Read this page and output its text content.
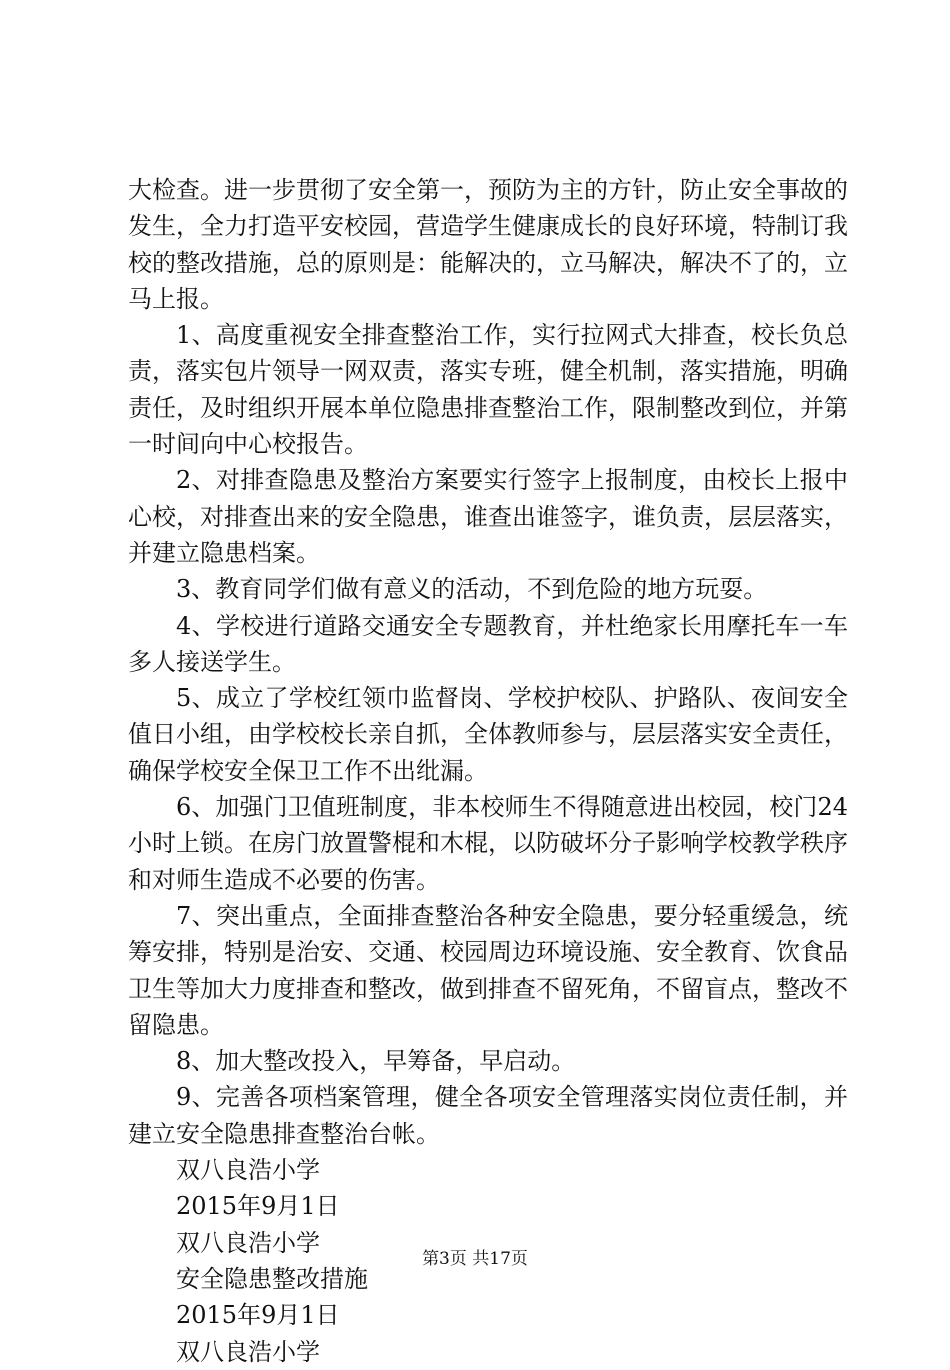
大检查。进一步贯彻了安全第一，预防为主的方针，防止安全事故的发生，全力打造平安校园，营造学生健康成长的良好环境，特制订我校的整改措施，总的原则是：能解决的，立马解决，解决不了的，立马上报。

1、高度重视安全排查整治工作，实行拉网式大排查，校长负总责，落实包片领导一网双责，落实专班，健全机制，落实措施，明确责任，及时组织开展本单位隐患排查整治工作，限制整改到位，并第一时间向中心校报告。

2、对排查隐患及整治方案要实行签字上报制度，由校长上报中心校，对排查出来的安全隐患，谁查出谁签字，谁负责，层层落实，并建立隐患档案。

3、教育同学们做有意义的活动，不到危险的地方玩耍。

4、学校进行道路交通安全专题教育，并杜绝家长用摩托车一车多人接送学生。

5、成立了学校红领巾监督岗、学校护校队、护路队、夜间安全值日小组，由学校校长亲自抓，全体教师参与，层层落实安全责任，确保学校安全保卫工作不出纰漏。

6、加强门卫值班制度，非本校师生不得随意进出校园，校门24小时上锁。在房门放置警棍和木棍，以防破坏分子影响学校教学秩序和对师生造成不必要的伤害。

7、突出重点，全面排查整治各种安全隐患，要分轻重缓急，统筹安排，特别是治安、交通、校园周边环境设施、安全教育、饮食品卫生等加大力度排查和整改，做到排查不留死角，不留盲点，整改不留隐患。

8、加大整改投入，早筹备，早启动。

9、完善各项档案管理，健全各项安全管理落实岗位责任制，并建立安全隐患排查整治台帐。

双八良浩小学

2015年9月1日

双八良浩小学

安全隐患整改措施

2015年9月1日

双八良浩小学

第3页 共17页
